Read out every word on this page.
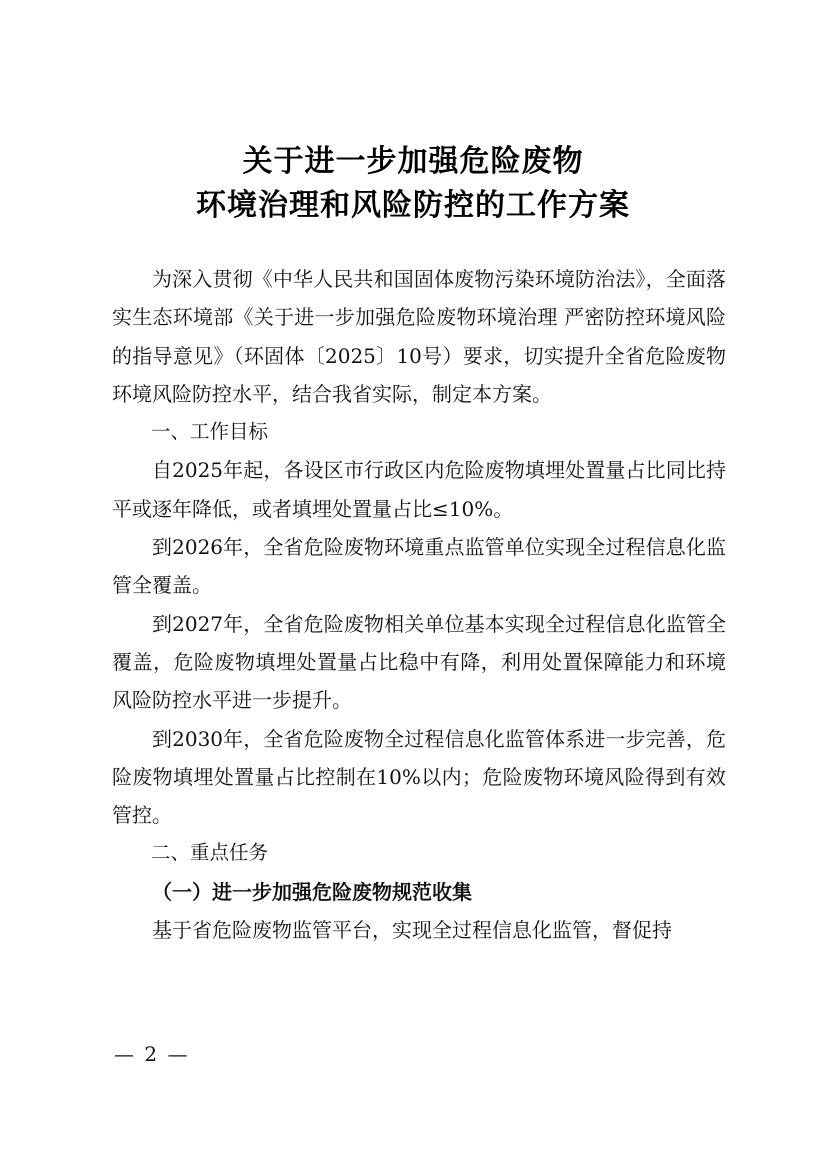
关于进一步加强危险废物
环境治理和风险防控的工作方案

为深入贯彻《中华人民共和国固体废物污染环境防治法》，全面落实生态环境部《关于进一步加强危险废物环境治理 严密防控环境风险的指导意见》（环固体〔2025〕10号）要求，切实提升全省危险废物环境风险防控水平，结合我省实际，制定本方案。

一、工作目标

自2025年起，各设区市行政区内危险废物填埋处置量占比同比持平或逐年降低，或者填埋处置量占比≤10%。

到2026年，全省危险废物环境重点监管单位实现全过程信息化监管全覆盖。

到2027年，全省危险废物相关单位基本实现全过程信息化监管全覆盖，危险废物填埋处置量占比稳中有降，利用处置保障能力和环境风险防控水平进一步提升。

到2030年，全省危险废物全过程信息化监管体系进一步完善，危险废物填埋处置量占比控制在10%以内；危险废物环境风险得到有效管控。

二、重点任务
（一）进一步加强危险废物规范收集

基于省危险废物监管平台，实现全过程信息化监管，督促持

— 2 —
